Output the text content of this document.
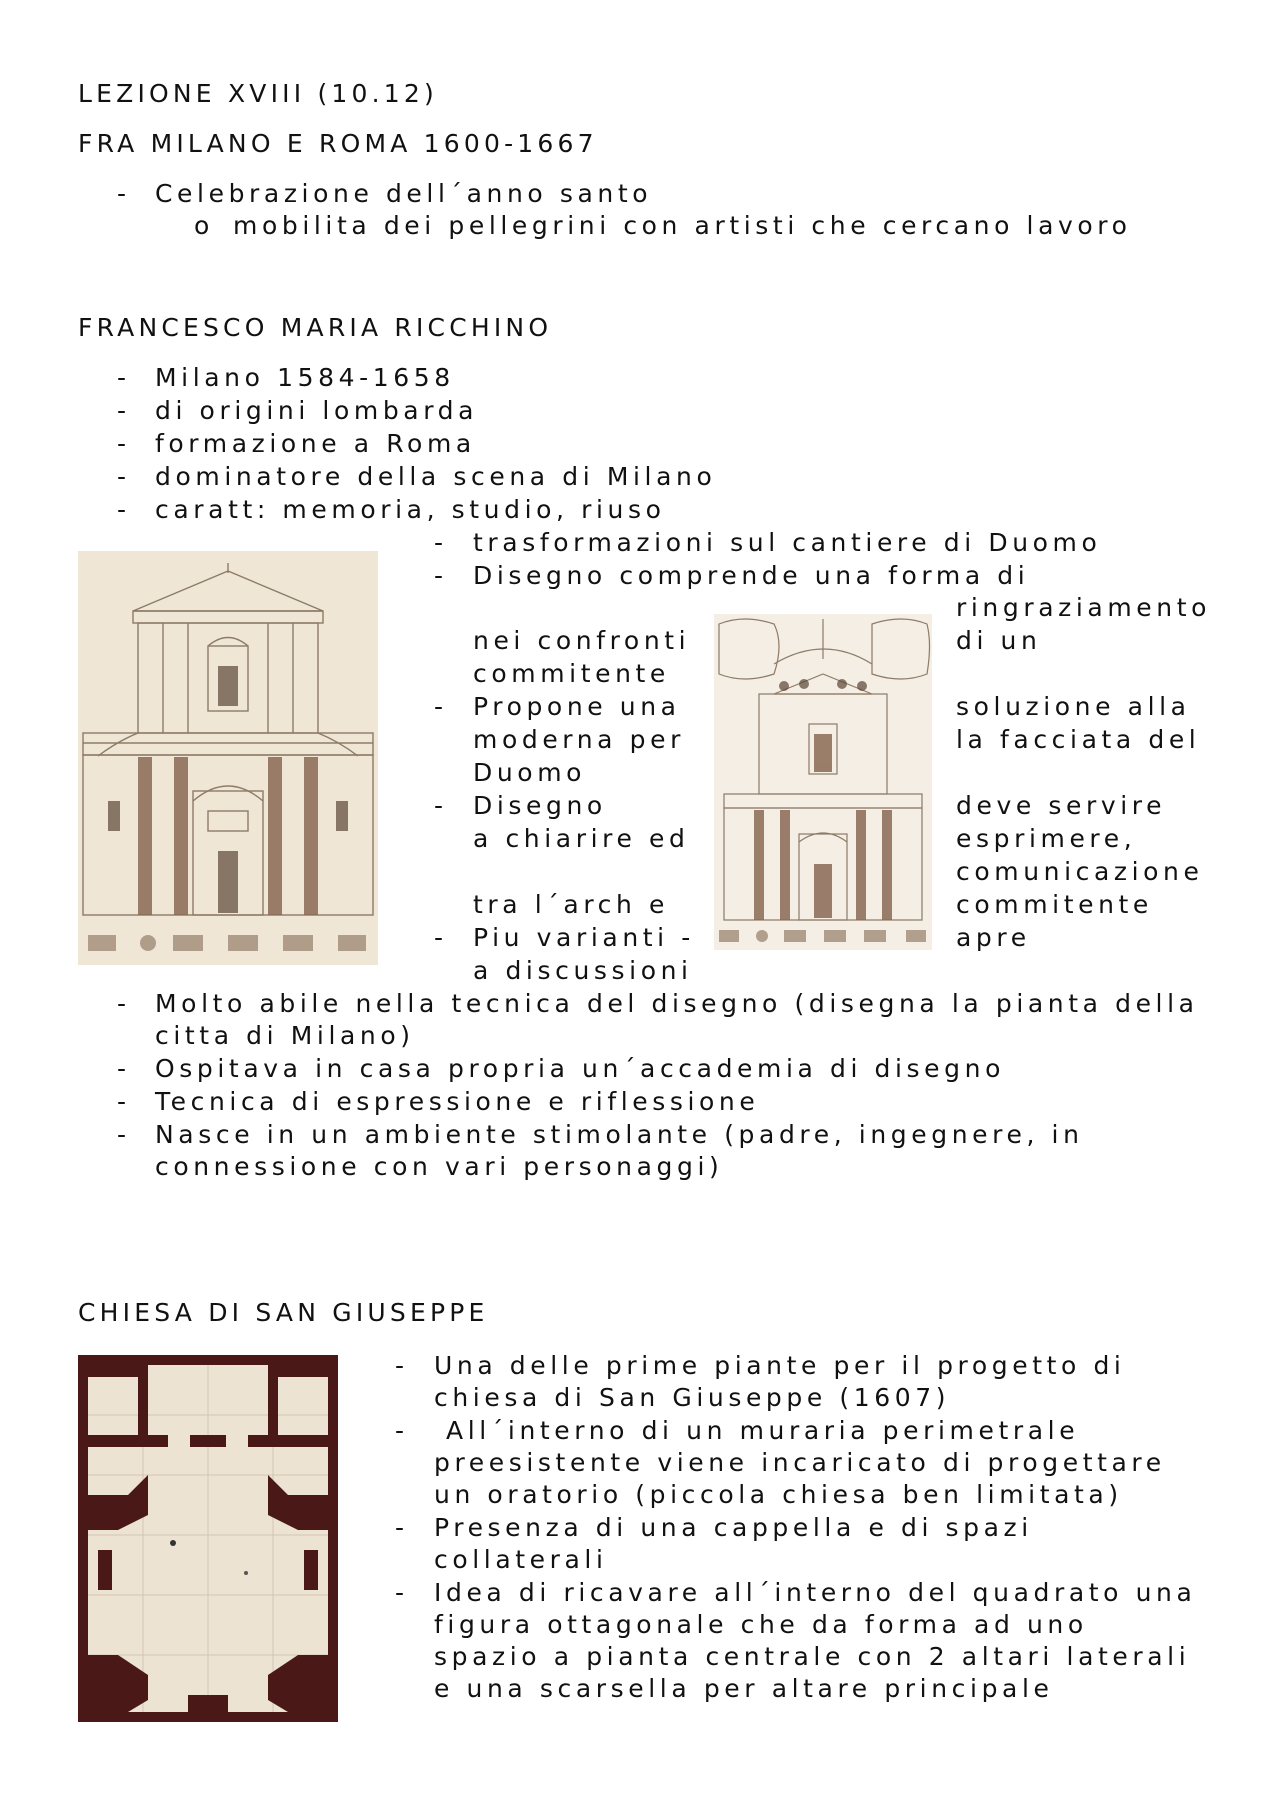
LEZIONE XVIII (10.12)
FRA MILANO E ROMA 1600-1667
- Celebrazione dell´anno santo
o mobilita dei pellegrini con artisti che cercano lavoro
FRANCESCO MARIA RICCHINO
- Milano 1584-1658
- di origini lombarda
- formazione a Roma
- dominatore della scena di Milano
- caratt: memoria, studio, riuso
- trasformazioni sul cantiere di Duomo
- Disegno comprende una forma di
ringraziamento
nei confronti	di un
commitente
- Propone una	soluzione alla
moderna per	la facciata del
Duomo
- Disegno	deve servire
a chiarire ed	esprimere,
comunicazione
tra l´arch e	commitente
- Piu varianti -	apre
a discussioni
- Molto abile nella tecnica del disegno (disegna la pianta della
citta di Milano)
- Ospitava in casa propria un´accademia di disegno
- Tecnica di espressione e riflessione
- Nasce in un ambiente stimolante (padre, ingegnere, in
connessione con vari personaggi)
CHIESA DI SAN GIUSEPPE
- Una delle prime piante per il progetto di
chiesa di San Giuseppe (1607)
- All´interno di un muraria perimetrale
preesistente viene incaricato di progettare
un oratorio (piccola chiesa ben limitata)
- Presenza di una cappella e di spazi
collaterali
- Idea di ricavare all´interno del quadrato una
figura ottagonale che da forma ad uno
spazio a pianta centrale con 2 altari laterali
e una scarsella per altare principale
